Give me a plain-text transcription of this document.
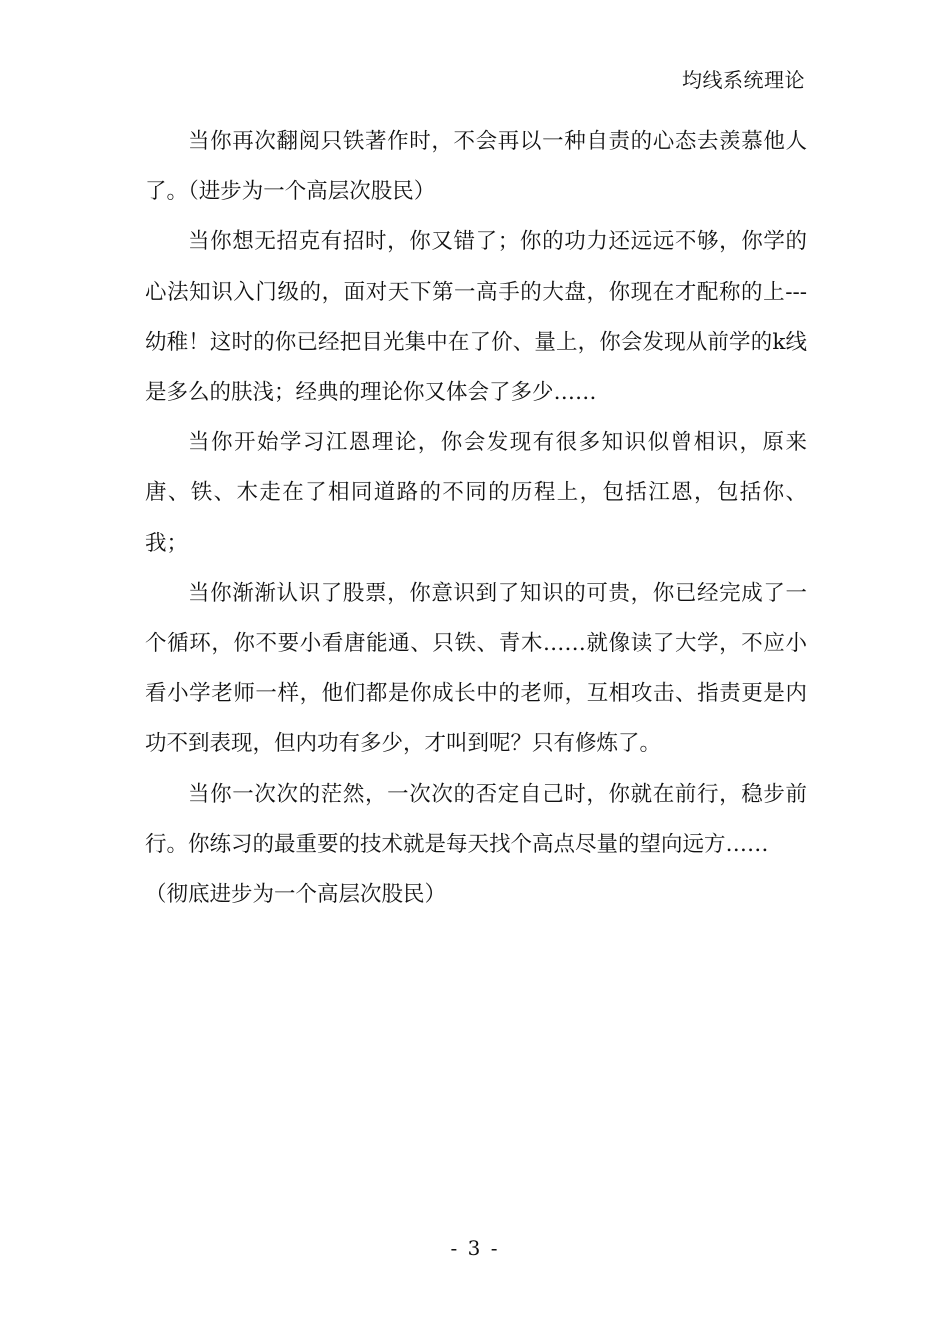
均线系统理论

当你再次翻阅只铁著作时，不会再以一种自责的心态去羡慕他人了。（进步为一个高层次股民）

当你想无招克有招时，你又错了；你的功力还远远不够，你学的心法知识入门级的，面对天下第一高手的大盘，你现在才配称的上---幼稚！这时的你已经把目光集中在了价、量上，你会发现从前学的k线是多么的肤浅；经典的理论你又体会了多少……

当你开始学习江恩理论，你会发现有很多知识似曾相识，原来唐、铁、木走在了相同道路的不同的历程上，包括江恩，包括你、我；

当你渐渐认识了股票，你意识到了知识的可贵，你已经完成了一个循环，你不要小看唐能通、只铁、青木……就像读了大学，不应小看小学老师一样，他们都是你成长中的老师，互相攻击、指责更是内功不到表现，但内功有多少，才叫到呢？只有修炼了。

当你一次次的茫然，一次次的否定自己时，你就在前行，稳步前行。你练习的最重要的技术就是每天找个高点尽量的望向远方……

（彻底进步为一个高层次股民）

- 3 -
